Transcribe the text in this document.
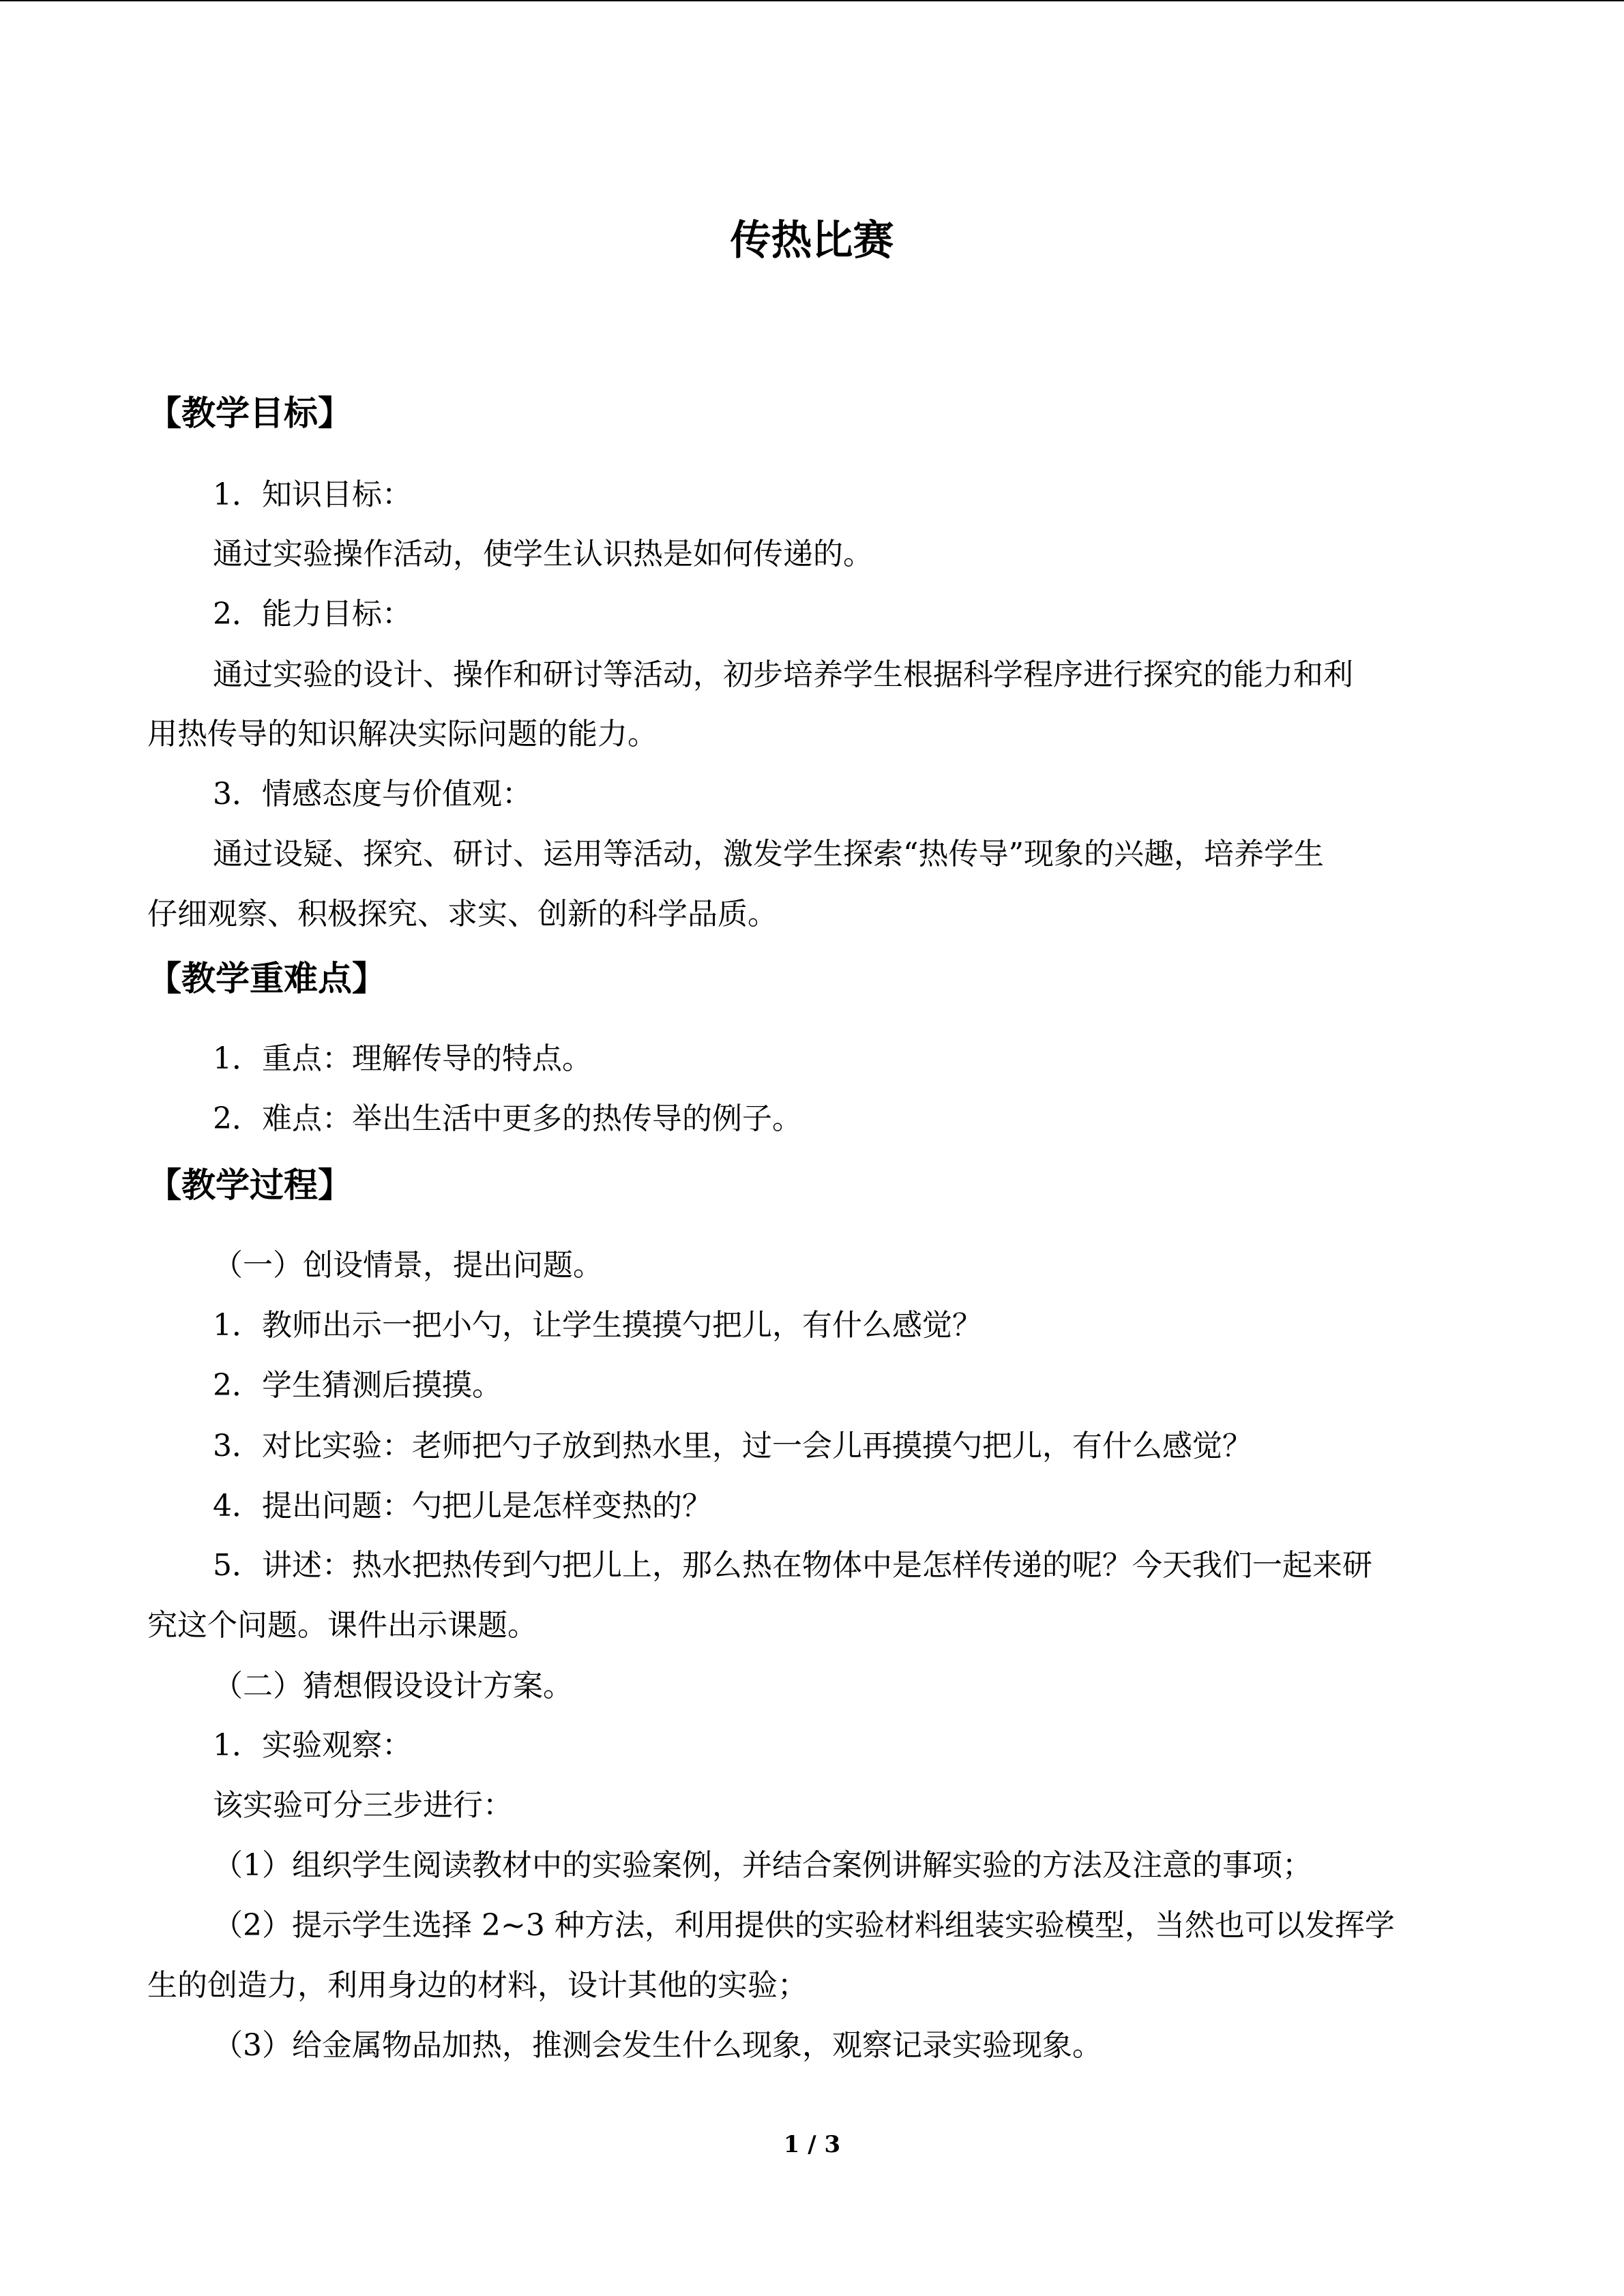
传热比赛
【教学目标】
1．知识目标：
通过实验操作活动，使学生认识热是如何传递的。
2．能力目标：
通过实验的设计、操作和研讨等活动，初步培养学生根据科学程序进行探究的能力和利
用热传导的知识解决实际问题的能力。
3．情感态度与价值观：
通过设疑、探究、研讨、运用等活动，激发学生探索“热传导”现象的兴趣，培养学生
仔细观察、积极探究、求实、创新的科学品质。
【教学重难点】
1．重点：理解传导的特点。
2．难点：举出生活中更多的热传导的例子。
【教学过程】
（一）创设情景，提出问题。
1．教师出示一把小勺，让学生摸摸勺把儿，有什么感觉？
2．学生猜测后摸摸。
3．对比实验：老师把勺子放到热水里，过一会儿再摸摸勺把儿，有什么感觉？
4．提出问题：勺把儿是怎样变热的？
5．讲述：热水把热传到勺把儿上，那么热在物体中是怎样传递的呢？今天我们一起来研
究这个问题。课件出示课题。
（二）猜想假设设计方案。
1．实验观察：
该实验可分三步进行：
（1）组织学生阅读教材中的实验案例，并结合案例讲解实验的方法及注意的事项；
（2）提示学生选择 2~3 种方法，利用提供的实验材料组装实验模型，当然也可以发挥学
生的创造力，利用身边的材料，设计其他的实验；
（3）给金属物品加热，推测会发生什么现象，观察记录实验现象。
1 / 3
